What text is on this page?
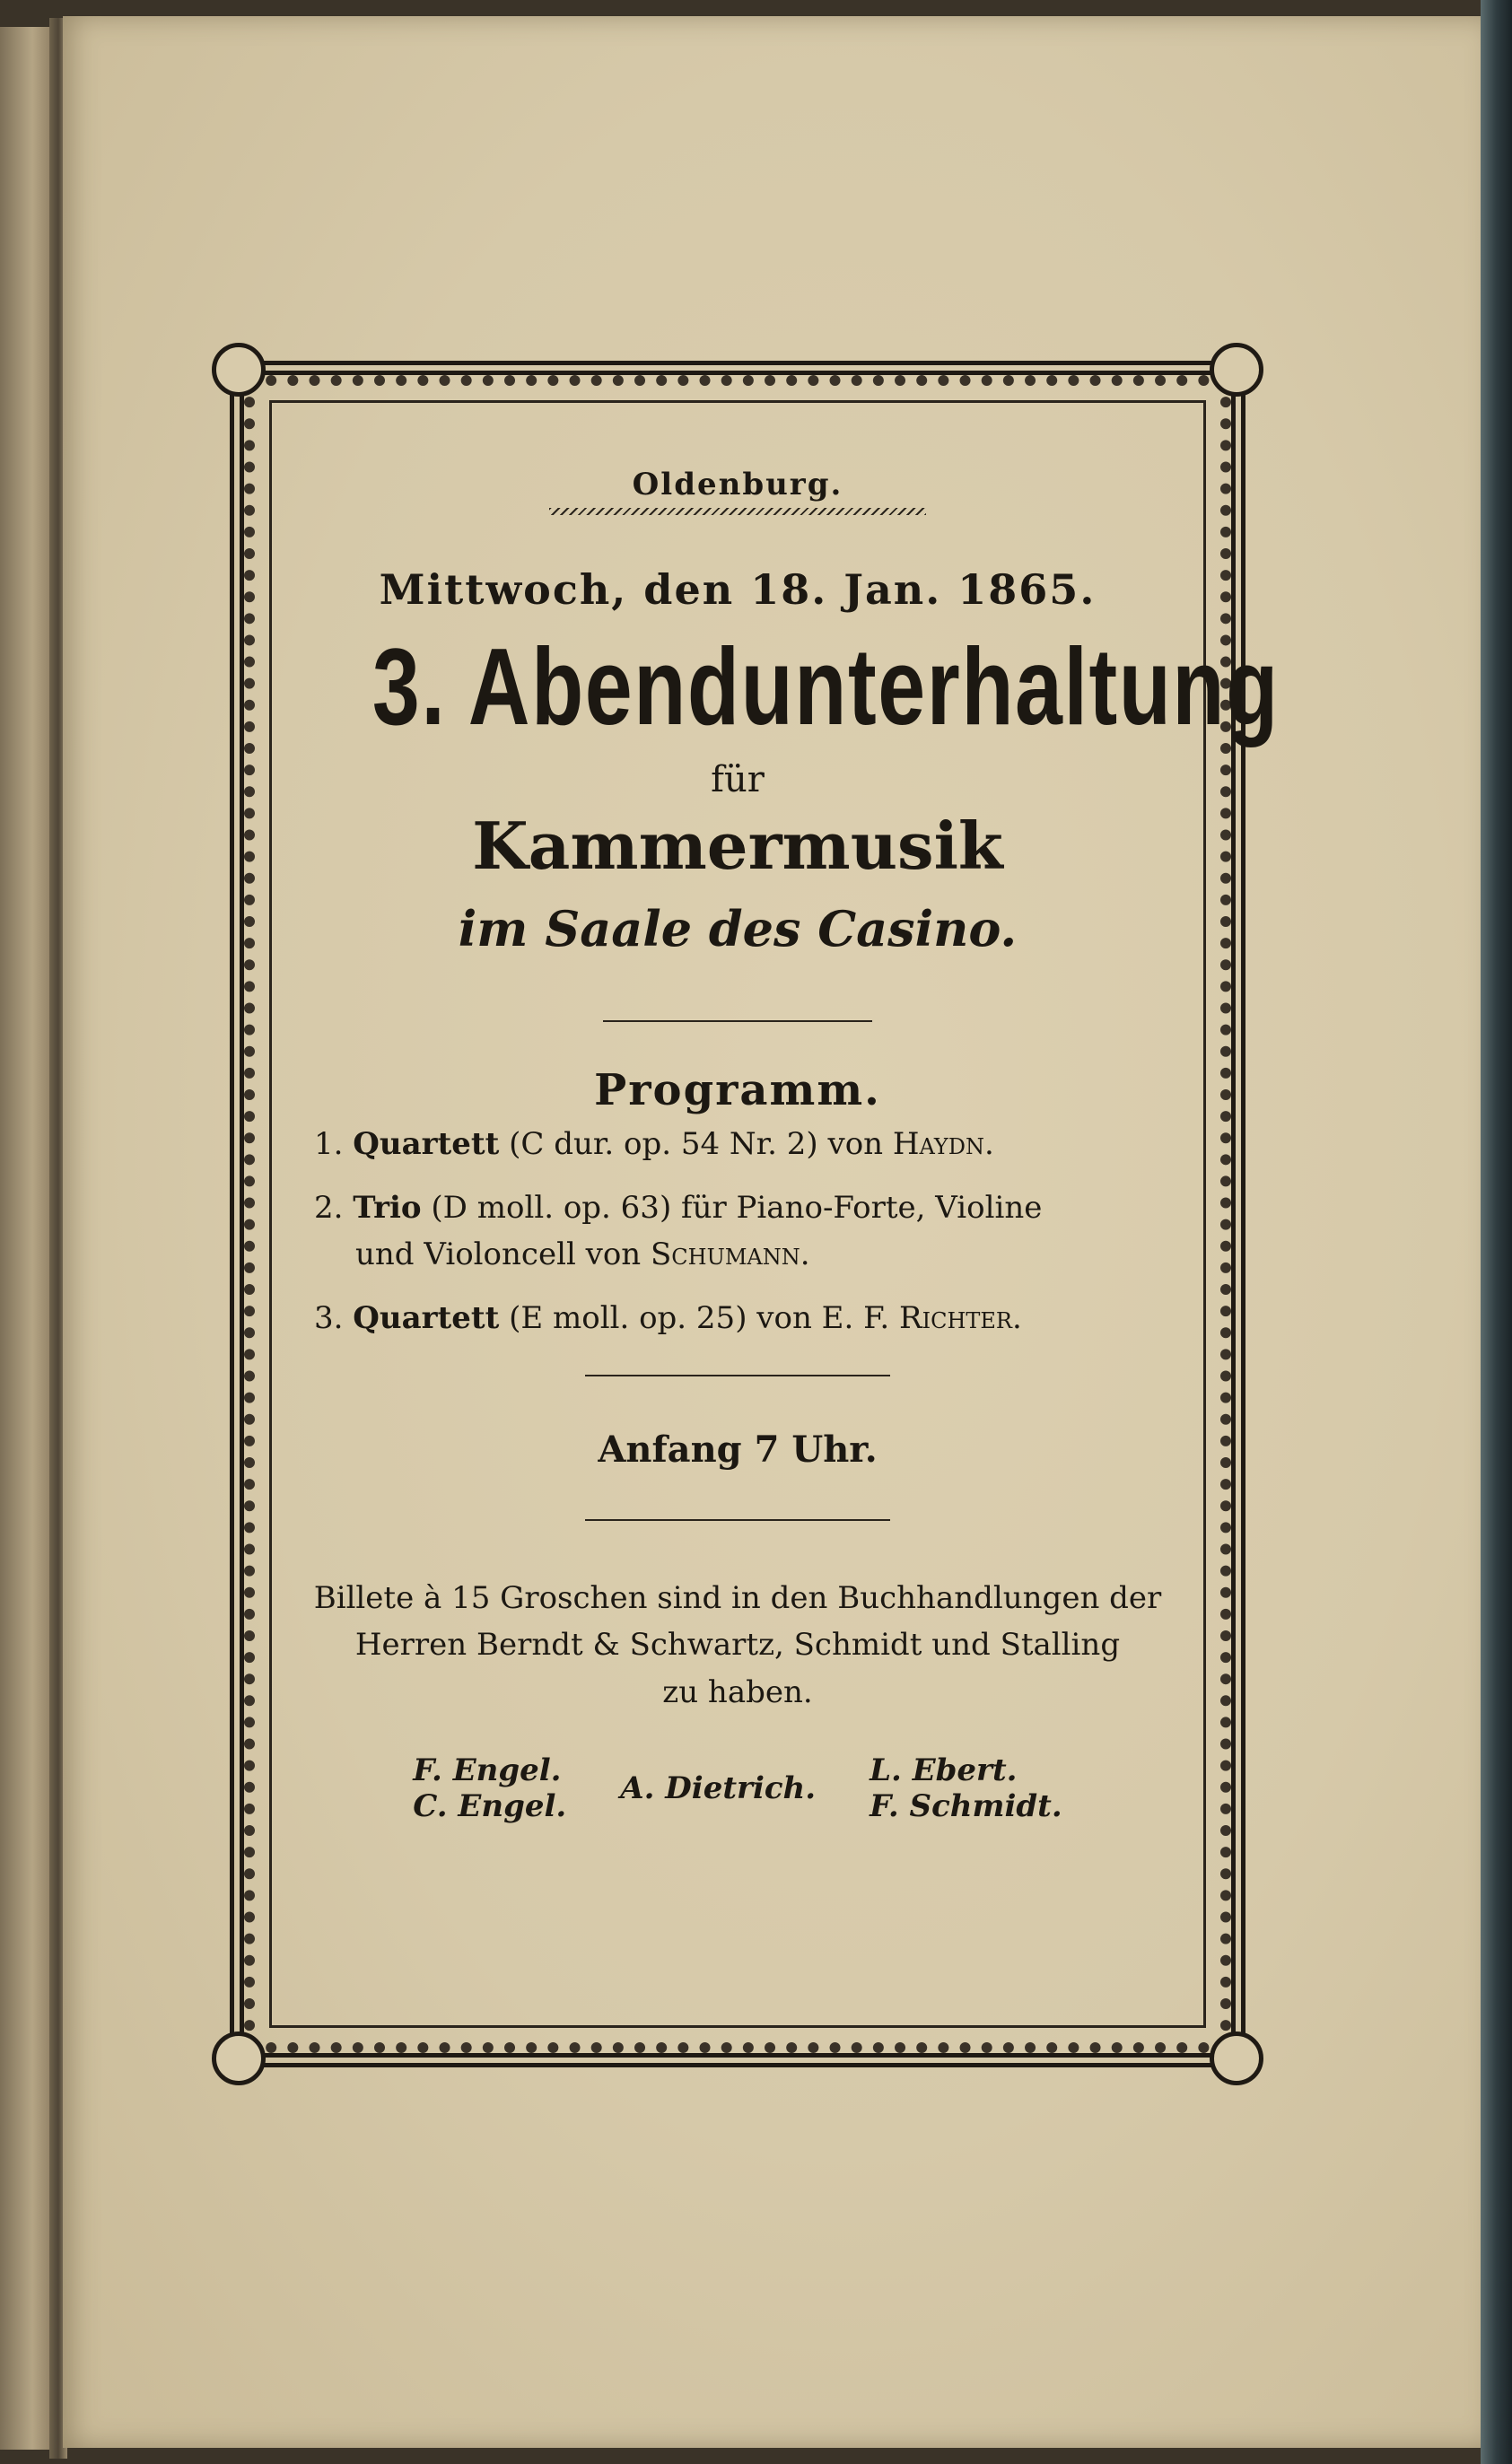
Oldenburg.
Mittwoch, den 18. Jan. 1865.
3. Abendunterhaltung
für
Kammermusik
im Saale des Casino.
Programm.
1. Quartett (C dur. op. 54 Nr. 2) von Haydn.
2. Trio (D moll. op. 63) für Piano-Forte, Violine
und Violoncell von Schumann.
3. Quartett (E moll. op. 25) von E. F. Richter.
Anfang 7 Uhr.
Billete à 15 Groschen sind in den Buchhandlungen der
Herren Berndt & Schwartz, Schmidt und Stalling
zu haben.
F. Engel.
C. Engel. A. Dietrich. L. Ebert.
F. Schmidt.
